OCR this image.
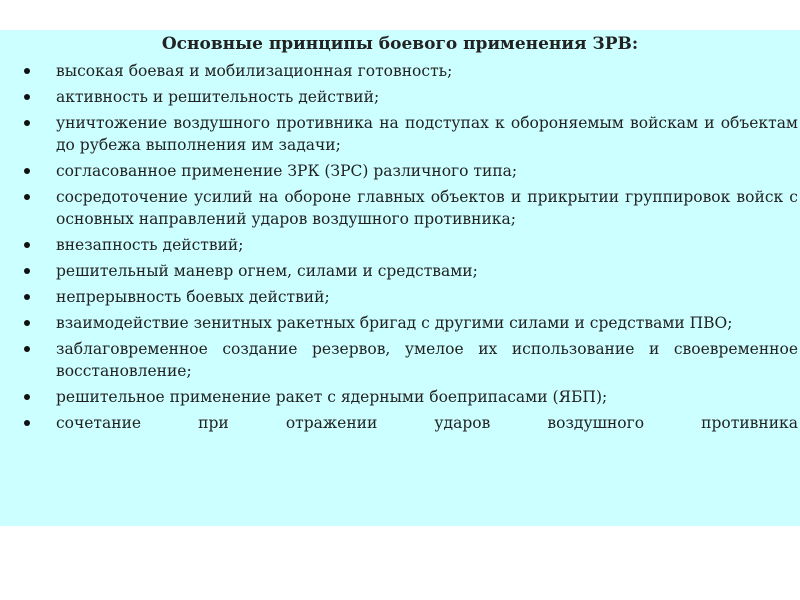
Основные принципы боевого применения ЗРВ:
высокая боевая и мобилизационная готовность;
активность и решительность действий;
уничтожение воздушного противника на подступах к обороняемым войскам и объектам до рубежа выполнения им задачи;
согласованное применение ЗРК (ЗРС) различного типа;
сосредоточение усилий на обороне главных объектов и прикрытии группировок войск с основных направлений ударов воздушного противника;
внезапность действий;
решительный маневр огнем, силами и средствами;
непрерывность боевых действий;
взаимодействие зенитных ракетных бригад с другими силами и средствами ПВО;
заблаговременное создание резервов, умелое их использование и своевременное восстановление;
решительное применение ракет с ядерными боеприпасами (ЯБП);
сочетание при отражении ударов воздушного противника
